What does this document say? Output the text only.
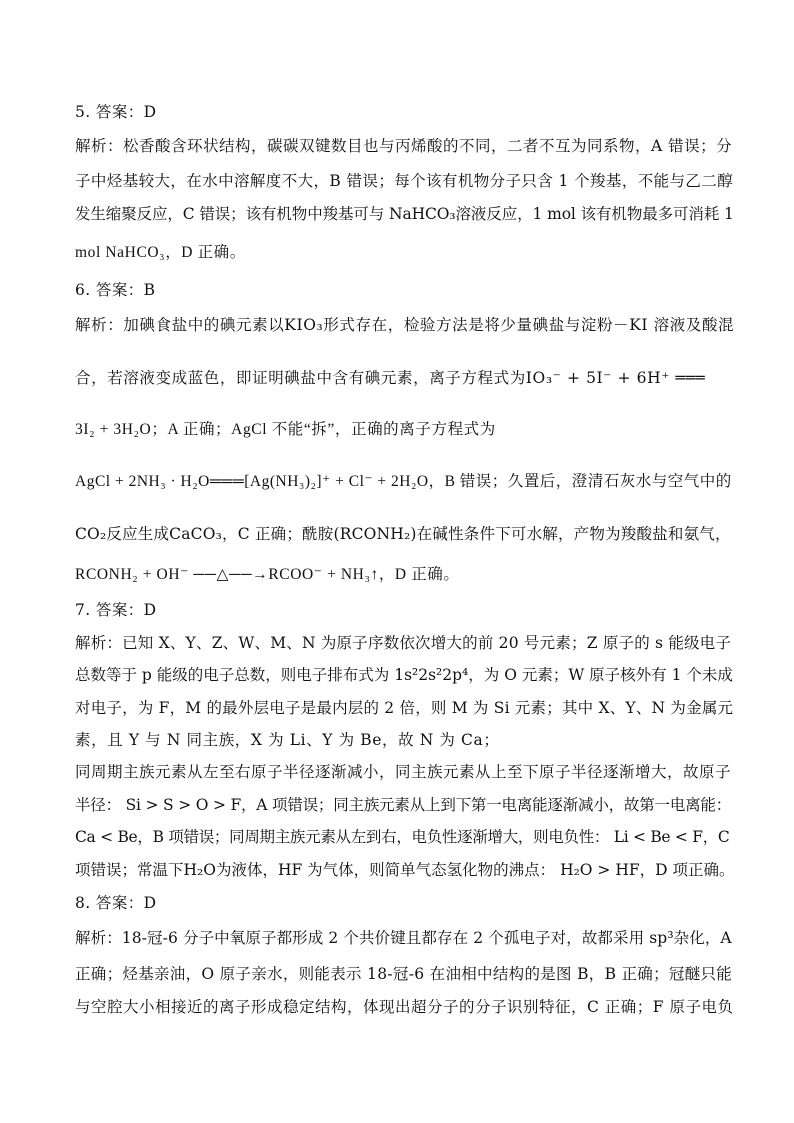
5. 答案：D
解析：松香酸含环状结构，碳碳双键数目也与丙烯酸的不同，二者不互为同系物，A 错误；分
子中烃基较大，在水中溶解度不大，B 错误；每个该有机物分子只含 1 个羧基，不能与乙二醇
发生缩聚反应，C 错误；该有机物中羧基可与 NaHCO₃溶液反应，1 mol 该有机物最多可消耗 1
mol NaHCO₃，D 正确。
6. 答案：B
解析：加碘食盐中的碘元素以KIO₃形式存在，检验方法是将少量碘盐与淀粉－KI 溶液及酸混
合，若溶液变成蓝色，即证明碘盐中含有碘元素，离子方程式为IO₃⁻ + 5I⁻ + 6H⁺ ═══
3I₂ + 3H₂O；A 正确；AgCl 不能“拆”，正确的离子方程式为
AgCl + 2NH₃ · H₂O═══[Ag(NH₃)₂]⁺ + Cl⁻ + 2H₂O，B 错误；久置后，澄清石灰水与空气中的
CO₂反应生成CaCO₃，C 正确；酰胺(RCONH₂)在碱性条件下可水解，产物为羧酸盐和氨气，
RCONH₂ + OH⁻ ──△──→RCOO⁻ + NH₃↑，D 正确。
7. 答案：D
解析：已知 X、Y、Z、W、M、N 为原子序数依次增大的前 20 号元素；Z 原子的 s 能级电子
总数等于 p 能级的电子总数，则电子排布式为 1s²2s²2p⁴，为 O 元素；W 原子核外有 1 个未成
对电子，为 F，M 的最外层电子是最内层的 2 倍，则 M 为 Si 元素；其中 X、Y、N 为金属元
素，且 Y 与 N 同主族，X 为 Li、Y 为 Be，故 N 为 Ca；
同周期主族元素从左至右原子半径逐渐减小，同主族元素从上至下原子半径逐渐增大，故原子
半径： Si > S > O > F，A 项错误；同主族元素从上到下第一电离能逐渐减小，故第一电离能：
Ca < Be，B 项错误；同周期主族元素从左到右，电负性逐渐增大，则电负性： Li < Be < F，C
项错误；常温下H₂O为液体，HF 为气体，则简单气态氢化物的沸点： H₂O > HF，D 项正确。
8. 答案：D
解析：18-冠-6 分子中氧原子都形成 2 个共价键且都存在 2 个孤电子对，故都采用 sp³杂化，A
正确；烃基亲油，O 原子亲水，则能表示 18-冠-6 在油相中结构的是图 B，B 正确；冠醚只能
与空腔大小相接近的离子形成稳定结构，体现出超分子的分子识别特征，C 正确；F 原子电负
